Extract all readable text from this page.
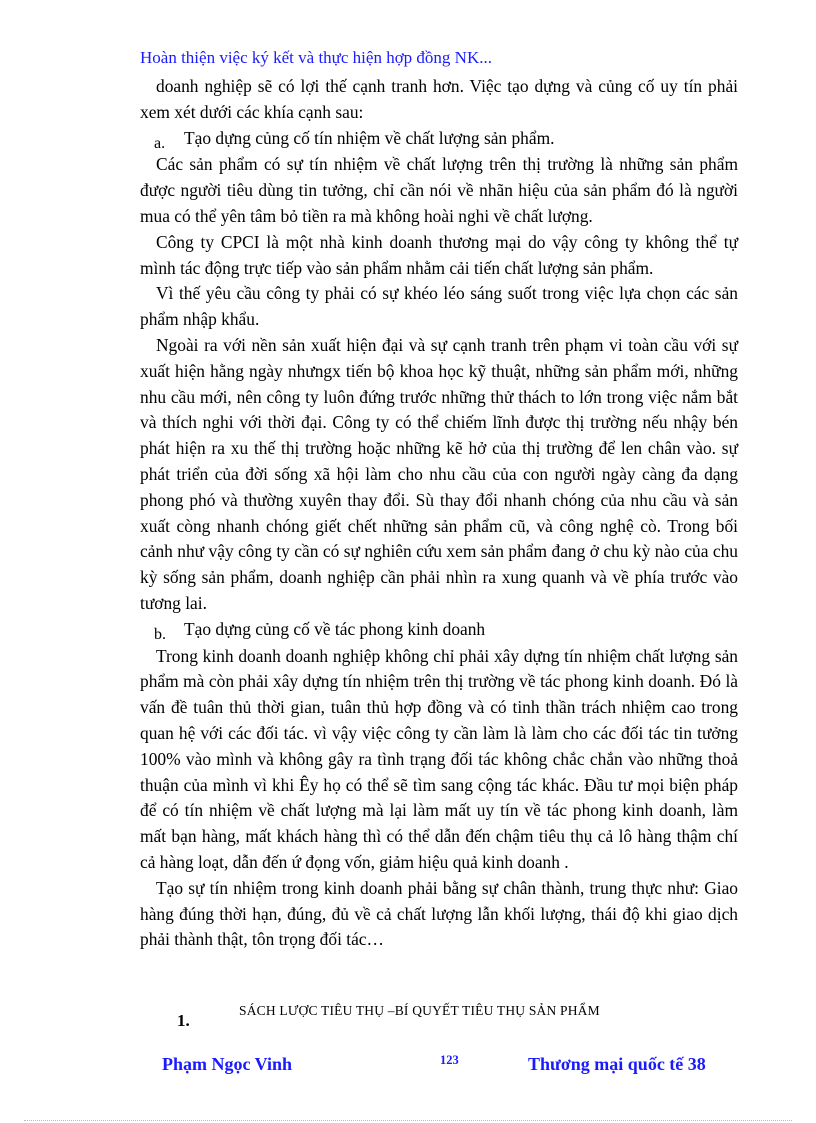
Hoàn thiện việc ký kết và thực hiện hợp đồng NK...

doanh nghiệp sẽ có lợi thế cạnh tranh hơn. Việc tạo dựng và củng cố uy tín phải xem xét dưới các khía cạnh sau:

a.	Tạo dựng củng cố tín nhiệm về chất lượng sản phẩm.

Các sản phẩm có sự tín nhiệm về chất lượng trên thị trường là những sản phẩm được người tiêu dùng tin tưởng, chỉ cần nói về nhãn hiệu của sản phẩm đó là người mua có thể yên tâm bỏ tiền ra mà không hoài nghi về chất lượng.

Công ty CPCI là một nhà kinh doanh thương mại do vậy công ty không thể tự mình tác động trực tiếp vào sản phẩm nhằm cải tiến chất lượng sản phẩm.

Vì thế yêu cầu công ty phải có sự khéo léo sáng suốt trong việc lựa chọn các sản phẩm nhập khẩu.

Ngoài ra với nền sản xuất hiện đại và sự cạnh tranh trên phạm vi toàn cầu với sự xuất hiện hằng ngày nhưngx tiến bộ khoa học kỹ thuật, những sản phẩm mới, những nhu cầu mới, nên công ty luôn đứng trước những thử thách to lớn trong việc nắm bắt và thích nghi với thời đại. Công ty có thể chiếm lĩnh được thị trường nếu nhậy bén phát hiện ra xu thế thị trường hoặc những kẽ hở của thị trường để len chân vào. sự phát triển của đời sống xã hội làm cho nhu cầu của con người ngày càng đa dạng phong phó và thường xuyên thay đổi. Sù thay đổi nhanh chóng của nhu cầu và sản xuất còng nhanh chóng giết chết những sản phẩm cũ, và công nghệ cò. Trong bối cảnh như vậy công ty cần có sự nghiên cứu xem sản phẩm đang ở chu kỳ nào của chu kỳ sống sản phẩm, doanh nghiệp cần phải nhìn ra xung quanh và về phía trước vào tương lai.

b.	Tạo dựng củng cố về tác phong kinh doanh

Trong kinh doanh doanh nghiệp không chỉ phải xây dựng tín nhiệm chất lượng sản phẩm mà còn phải xây dựng tín nhiệm trên thị trường về tác phong kinh doanh. Đó là vấn đề tuân thủ thời gian, tuân thủ hợp đồng và có tinh thần trách nhiệm cao trong quan hệ với các đối tác. vì vậy việc công ty cần làm là làm cho các đối tác tin tưởng 100% vào mình và không gây ra tình trạng đối tác không chắc chắn vào những thoả thuận của mình vì khi Êy họ có thể sẽ tìm sang cộng tác khác. Đầu tư mọi biện pháp để có tín nhiệm về chất lượng mà lại làm mất uy tín về tác phong kinh doanh, làm mất bạn hàng, mất khách hàng thì có thể dẫn đến chậm tiêu thụ cả lô hàng thậm chí cả hàng loạt, dẫn đến ứ đọng vốn, giảm hiệu quả kinh doanh .

Tạo sự tín nhiệm trong kinh doanh phải bằng sự chân thành, trung thực như: Giao hàng đúng thời hạn, đúng, đủ về cả chất lượng lẫn khối lượng, thái độ khi giao dịch phải thành thật, tôn trọng đối tác…

1.
SÁCH LƯỢC TIÊU THỤ –BÍ QUYẾT TIÊU THỤ SẢN PHẨM
Phạm Ngọc Vinh	123	Thương mại quốc tế 38
